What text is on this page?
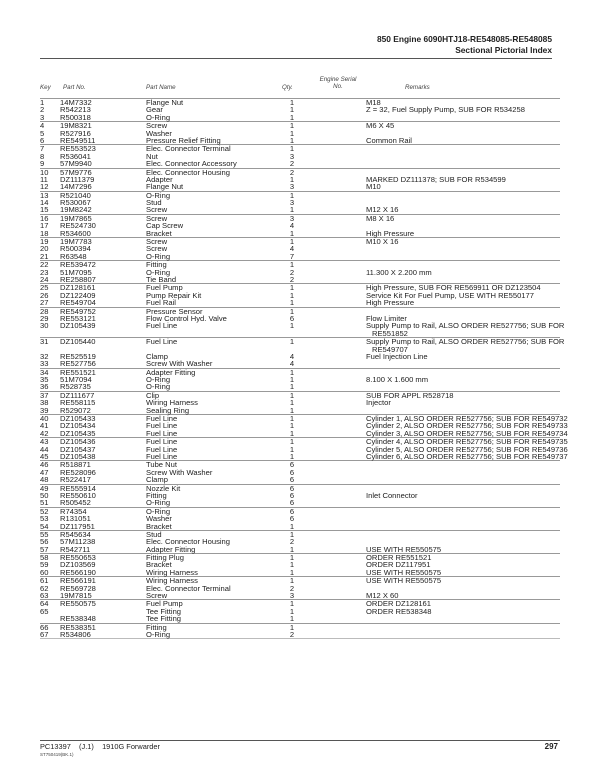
850 Engine 6090HTJ18-RE548085-RE548085
Sectional Pictorial Index
Key Part No.	Part Name	Qty.
Engine Serial No.	Remarks
1 14M7332	Flange Nut	1	M18
2 R542213	Gear	1	Z = 32, Fuel Supply Pump, SUB FOR R534258
3 R500318	O-Ring	1
4 19M8321	Screw	1	M6 X 45
5 R527916	Washer	1
6 RE549511	Pressure Relief Fitting	1	Common Rail
7 RE553523	Elec. Connector Terminal	1
8 R536041	Nut	3
9 57M9940	Elec. Connector Accessory	2
10 57M9776	Elec. Connector Housing	2
11 DZ111379	Adapter	1	MARKED DZ111378; SUB FOR R534599
12 14M7296	Flange Nut	3	M10
13 R521040	O-Ring	1
14 R530067	Stud	3
15 19M8242	Screw	1	M12 X 16
16 19M7865	Screw	3	M8 X 16
17 RE524730	Cap Screw	4
18 R534600	Bracket	1	High Pressure
19 19M7783	Screw	1	M10 X 16
20 R500394	Screw	4
21 R63548	O-Ring	7
22 RE539472	Fitting	1
23 51M7095	O-Ring	2	11.300 X 2.200 mm
24 RE258807	Tie Band	2
25 DZ128161	Fuel Pump	1	High Pressure, SUB FOR RE569911 OR DZ123504
26 DZ122409	Pump Repair Kit	1	Service Kit For Fuel Pump, USE WITH RE550177
27 RE549704	Fuel Rail	1	High Pressure
28 RE549752	Pressure Sensor	1
29 RE553121	Flow Control Hyd. Valve	6	Flow Limiter
30 DZ105439	Fuel Line	1	Supply Pump to Rail, ALSO ORDER RE527756; SUB FOR
RE551852
31 DZ105440	Fuel Line	1	Supply Pump to Rail, ALSO ORDER RE527756; SUB FOR
RE549707
32 RE525519	Clamp	4	Fuel Injection Line
33 RE527756	Screw With Washer	4
34 RE551521	Adapter Fitting	1
35 51M7094	O-Ring	1	8.100 X 1.600 mm
36 R528735	O-Ring	1
37 DZ111677	Clip	1	SUB FOR APPL R528718
38 RE558115	Wiring Harness	1	Injector
39 R529072	Sealing Ring	1
40 DZ105433	Fuel Line	1	Cylinder 1, ALSO ORDER RE527756; SUB FOR RE549732
41 DZ105434	Fuel Line	1	Cylinder 2, ALSO ORDER RE527756; SUB FOR RE549733
42 DZ105435	Fuel Line	1	Cylinder 3, ALSO ORDER RE527756; SUB FOR RE549734
43 DZ105436	Fuel Line	1	Cylinder 4, ALSO ORDER RE527756; SUB FOR RE549735
44 DZ105437	Fuel Line	1	Cylinder 5, ALSO ORDER RE527756; SUB FOR RE549736
45 DZ105438	Fuel Line	1	Cylinder 6, ALSO ORDER RE527756; SUB FOR RE549737
46 R518871	Tube Nut	6
47 RE528096	Screw With Washer	6
48 R522417	Clamp	6
49 RE555914	Nozzle Kit	6
50 RE550610	Fitting	6	Inlet Connector
51 R505452	O-Ring	6
52 R74354	O-Ring	6
53 R131051	Washer	6
54 DZ117951	Bracket	1
55 R545634	Stud	1
56 57M11238	Elec. Connector Housing	2
57 R542711	Adapter Fitting	1	USE WITH RE550575
58 RE550653	Fitting Plug	1	ORDER RE551521
59 DZ103569	Bracket	1	ORDER DZ117951
60 RE566190	Wiring Harness	1	USE WITH RE550575
61 RE566191	Wiring Harness	1	USE WITH RE550575
62 RE569728	Elec. Connector Terminal	2
63 19M7815	Screw	3	M12 X 60
64 RE550575	Fuel Pump	1	ORDER DZ128161
65	Tee Fitting	1	ORDER RE538348
RE538348	Tee Fitting	1
66 RE538351	Fitting	1
67 R534806	O-Ring	2
PC13397 (J.1) 1910G Forwarder
ST750419(BK.1)
297
